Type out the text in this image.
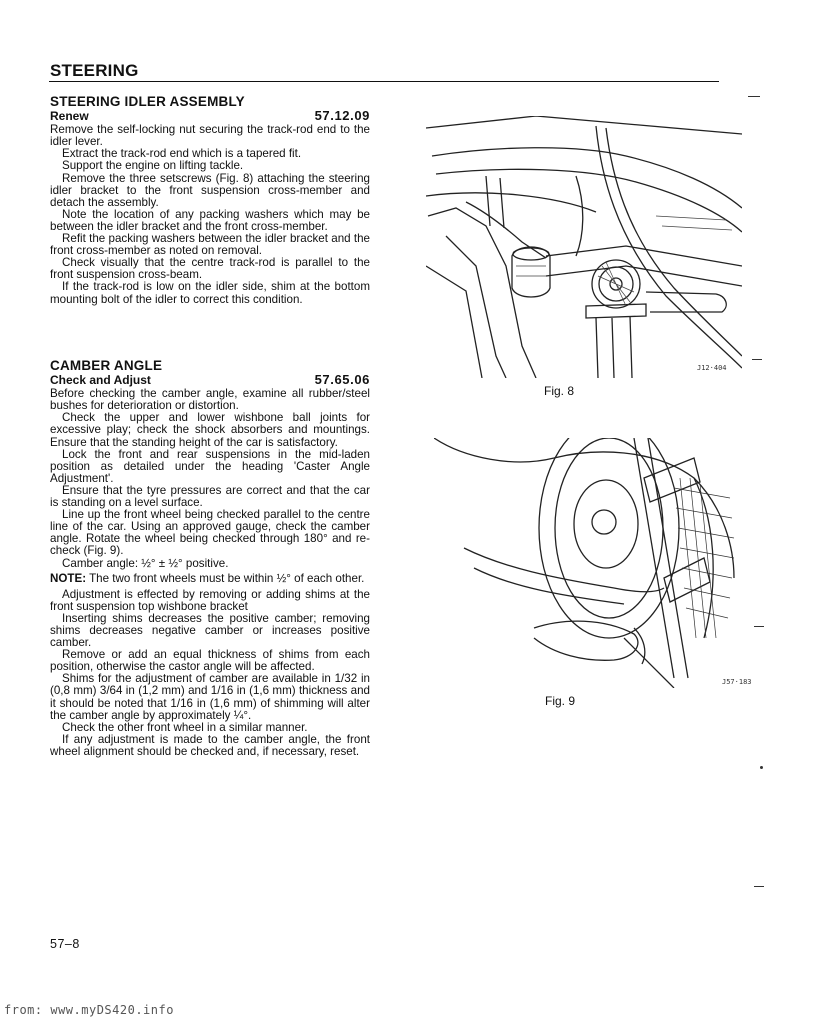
STEERING
STEERING IDLER ASSEMBLY
Renew	57.12.09

Remove the self-locking nut securing the track-rod end to the idler lever.

Extract the track-rod end which is a tapered fit.

Support the engine on lifting tackle.

Remove the three setscrews (Fig. 8) attaching the steering idler bracket to the front suspension cross-member and detach the assembly.

Note the location of any packing washers which may be between the idler bracket and the front cross-member.

Refit the packing washers between the idler bracket and the front cross-member as noted on removal.

Check visually that the centre track-rod is parallel to the front suspension cross-beam.

If the track-rod is low on the idler side, shim at the bottom mounting bolt of the idler to correct this condition.

CAMBER ANGLE
Check and Adjust	57.65.06

Before checking the camber angle, examine all rubber/steel bushes for deterioration or distortion.

Check the upper and lower wishbone ball joints for excessive play; check the shock absorbers and mountings. Ensure that the standing height of the car is satisfactory.

Lock the front and rear suspensions in the mid-laden position as detailed under the heading 'Caster Angle Adjustment'.

Ensure that the tyre pressures are correct and that the car is standing on a level surface.

Line up the front wheel being checked parallel to the centre line of the car. Using an approved gauge, check the camber angle. Rotate the wheel being checked through 180° and re-check (Fig. 9).

Camber angle: ½° ± ½° positive.

NOTE: The two front wheels must be within ½° of each other.

Adjustment is effected by removing or adding shims at the front suspension top wishbone bracket

Inserting shims decreases the positive camber; removing shims decreases negative camber or increases positive camber.

Remove or add an equal thickness of shims from each position, otherwise the castor angle will be affected.

Shims for the adjustment of camber are available in 1/32 in (0,8 mm) 3/64 in (1,2 mm) and 1/16 in (1,6 mm) thickness and it should be noted that 1/16 in (1,6 mm) of shimming will alter the camber angle by approximately ¼°.

Check the other front wheel in a similar manner.

If any adjustment is made to the camber angle, the front wheel alignment should be checked and, if necessary, reset.

J12·404
Fig. 8
J57·183
Fig. 9
57–8
from: www.myDS420.info
